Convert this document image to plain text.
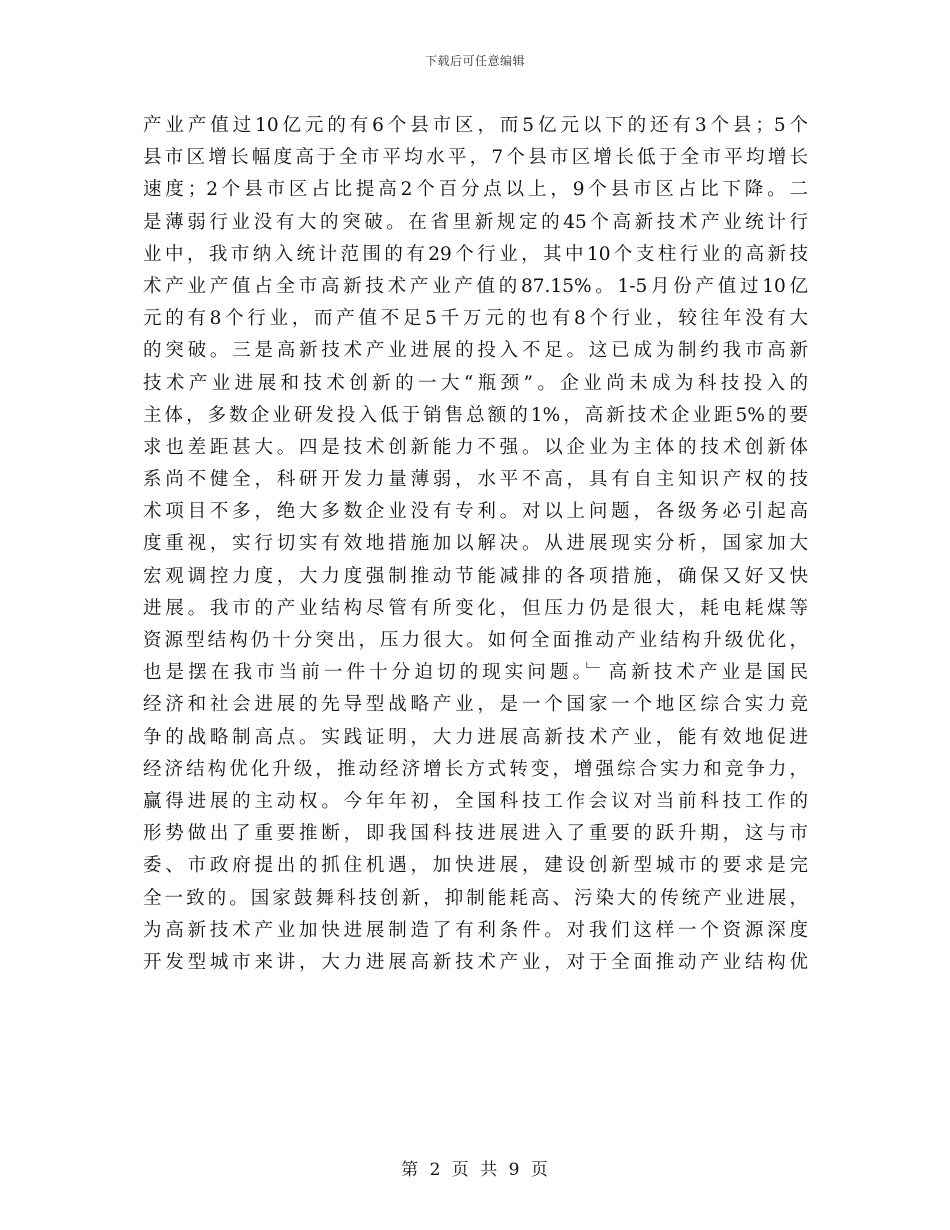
下载后可任意编辑
产业产值过10亿元的有6个县市区，而5亿元以下的还有3个县；5个
县市区增长幅度高于全市平均水平，7个县市区增长低于全市平均增长
速度；2个县市区占比提高2个百分点以上，9个县市区占比下降。二
是薄弱行业没有大的突破。在省里新规定的45个高新技术产业统计行
业中，我市纳入统计范围的有29个行业，其中10个支柱行业的高新技
术产业产值占全市高新技术产业产值的87.15%。1-5月份产值过10亿
元的有8个行业，而产值不足5千万元的也有8个行业，较往年没有大
的突破。三是高新技术产业进展的投入不足。这已成为制约我市高新
技术产业进展和技术创新的一大“瓶颈”。企业尚未成为科技投入的
主体，多数企业研发投入低于销售总额的1%，高新技术企业距5%的要
求也差距甚大。四是技术创新能力不强。以企业为主体的技术创新体
系尚不健全，科研开发力量薄弱，水平不高，具有自主知识产权的技
术项目不多，绝大多数企业没有专利。对以上问题，各级务必引起高
度重视，实行切实有效地措施加以解决。从进展现实分析，国家加大
宏观调控力度，大力度强制推动节能减排的各项措施，确保又好又快
进展。我市的产业结构尽管有所变化，但压力仍是很大，耗电耗煤等
资源型结构仍十分突出，压力很大。如何全面推动产业结构升级优化，
也是摆在我市当前一件十分迫切的现实问题。﹂高新技术产业是国民
经济和社会进展的先导型战略产业，是一个国家一个地区综合实力竞
争的战略制高点。实践证明，大力进展高新技术产业，能有效地促进
经济结构优化升级，推动经济增长方式转变，增强综合实力和竞争力，
赢得进展的主动权。今年年初，全国科技工作会议对当前科技工作的
形势做出了重要推断，即我国科技进展进入了重要的跃升期，这与市
委、市政府提出的抓住机遇，加快进展，建设创新型城市的要求是完
全一致的。国家鼓舞科技创新，抑制能耗高、污染大的传统产业进展，
为高新技术产业加快进展制造了有利条件。对我们这样一个资源深度
开发型城市来讲，大力进展高新技术产业，对于全面推动产业结构优
第 2 页 共 9 页
